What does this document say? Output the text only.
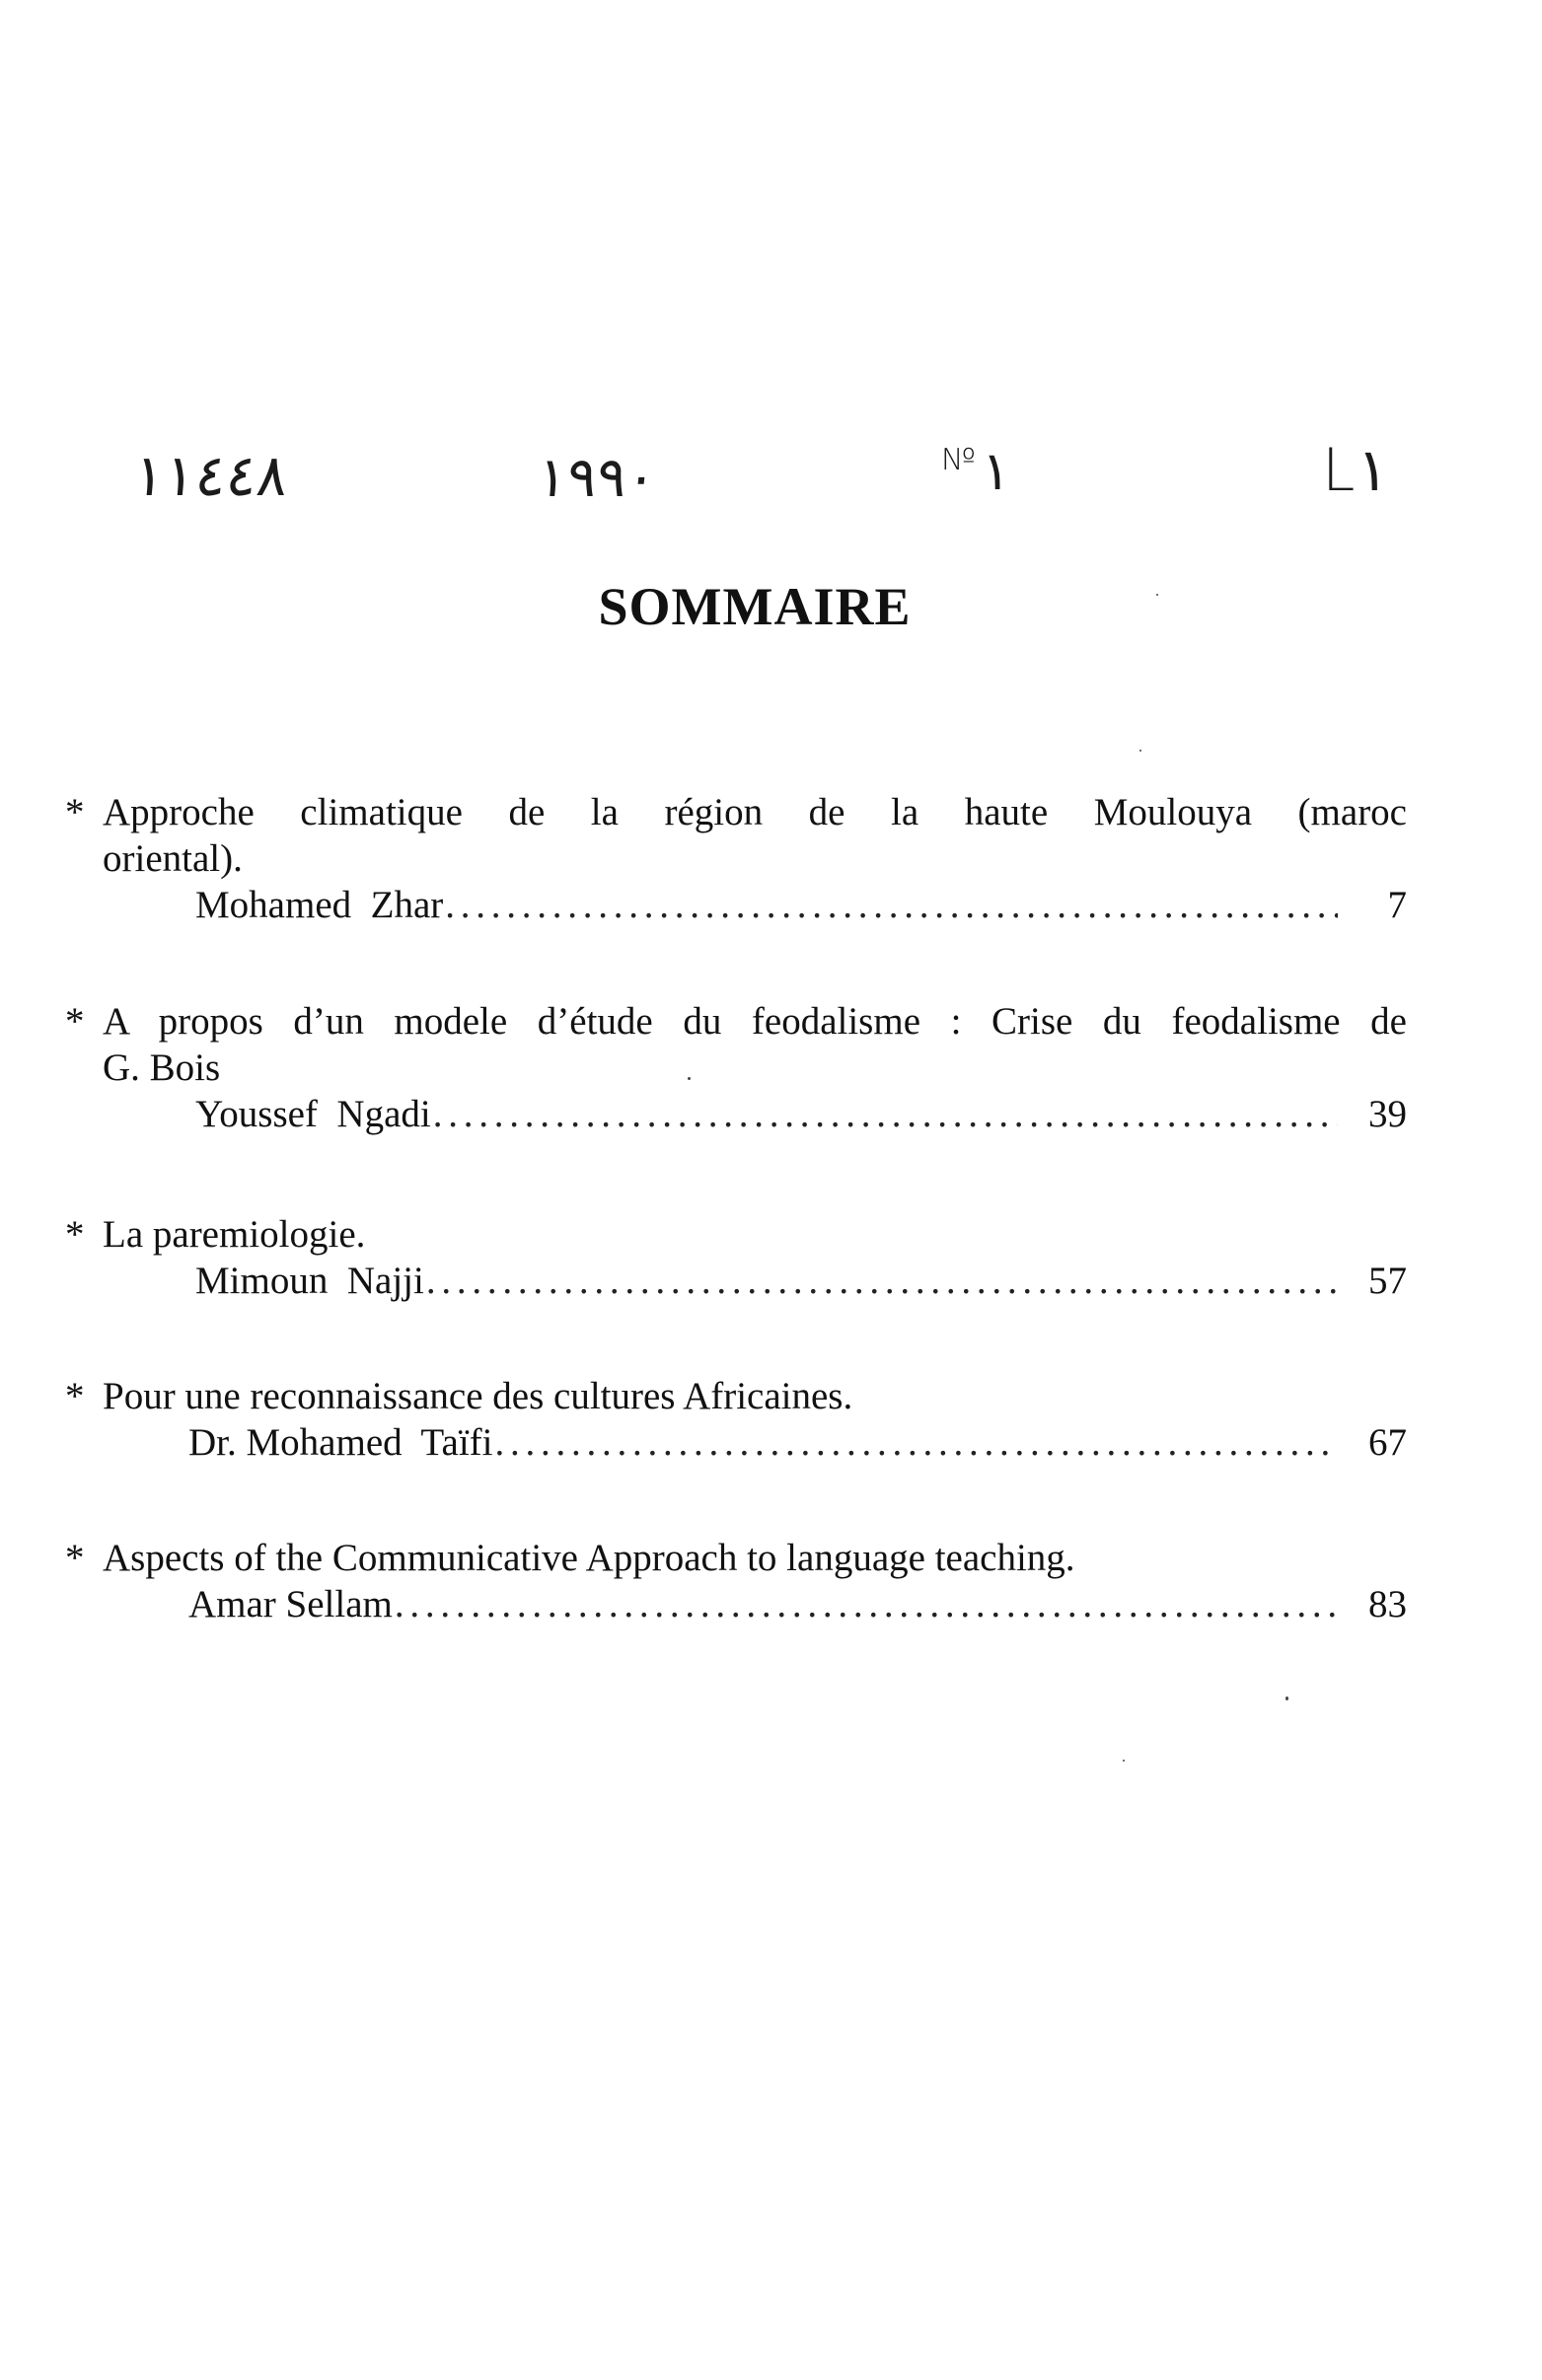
١١٤٤٨	١٩٩٠	№ ١	L١
SOMMAIRE
* Approche climatique de la région de la haute Moulouya (maroc
oriental).
Mohamed  Zhar . . .	7
* A propos d’un modele d’étude du feodalisme : Crise du feodalisme de
G. Bois
Youssef  Ngadi . . .	39
* La paremiologie.
Mimoun  Najji . . .	57
* Pour une reconnaissance des cultures Africaines.
Dr. Mohamed  Taïfi . . .	67
* Aspects of the Communicative Approach to language teaching.
Amar Sellam . . .	83
